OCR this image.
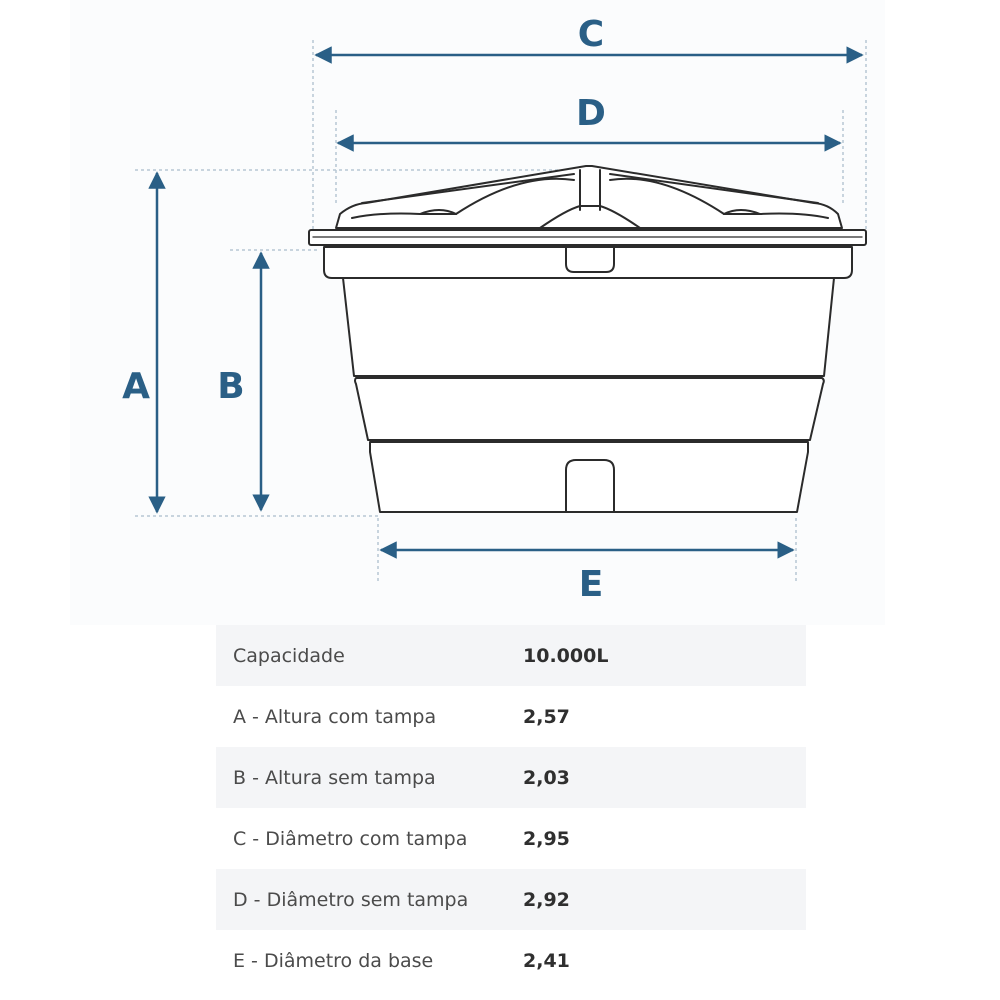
C
D
A B
E
Capacidade	10.000L
A - Altura com tampa	2,57
B - Altura sem tampa	2,03
C - Diâmetro com tampa	2,95
D - Diâmetro sem tampa	2,92
E - Diâmetro da base	2,41
